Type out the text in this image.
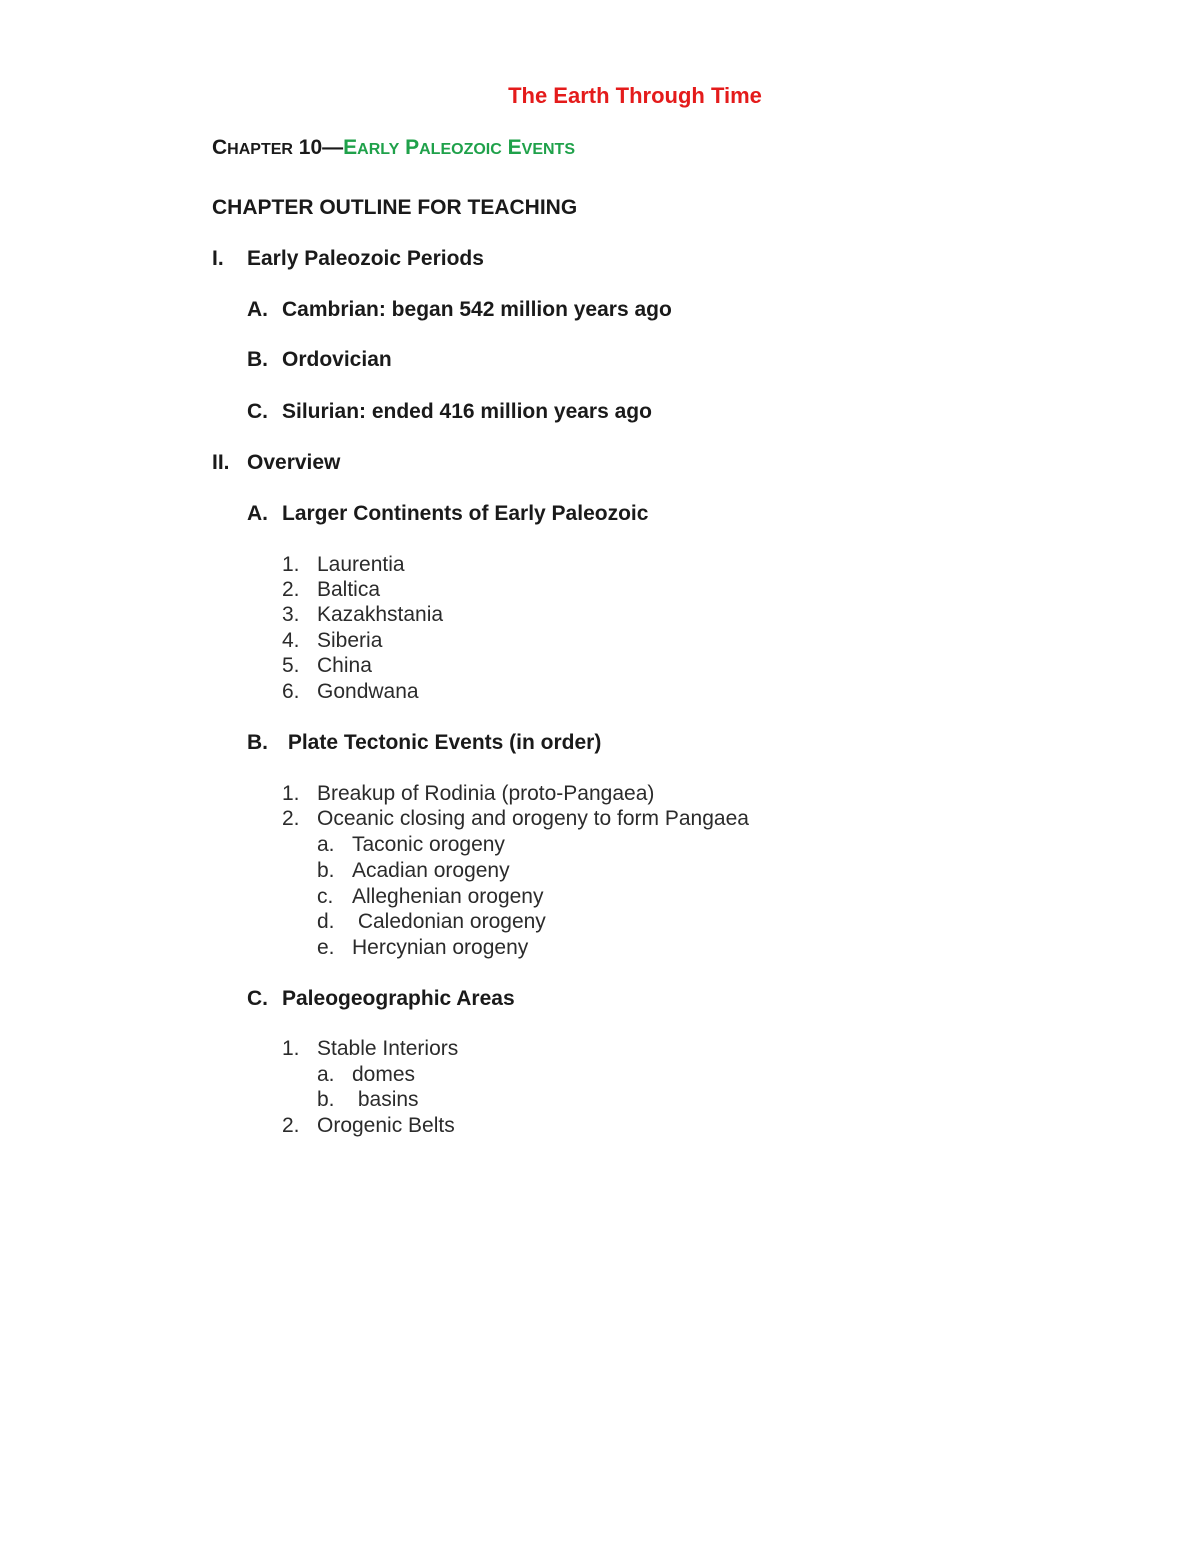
The Earth Through Time
CHAPTER 10—EARLY PALEOZOIC EVENTS
CHAPTER OUTLINE FOR TEACHING
I. Early Paleozoic Periods
A. Cambrian: began 542 million years ago
B. Ordovician
C. Silurian: ended 416 million years ago
II. Overview
A. Larger Continents of Early Paleozoic
1. Laurentia
2. Baltica
3. Kazakhstania
4. Siberia
5. China
6. Gondwana
B. Plate Tectonic Events (in order)
1. Breakup of Rodinia (proto-Pangaea)
2. Oceanic closing and orogeny to form Pangaea
a. Taconic orogeny
b. Acadian orogeny
c. Alleghenian orogeny
d. Caledonian orogeny
e. Hercynian orogeny
C. Paleogeographic Areas
1. Stable Interiors
a. domes
b. basins
2. Orogenic Belts
